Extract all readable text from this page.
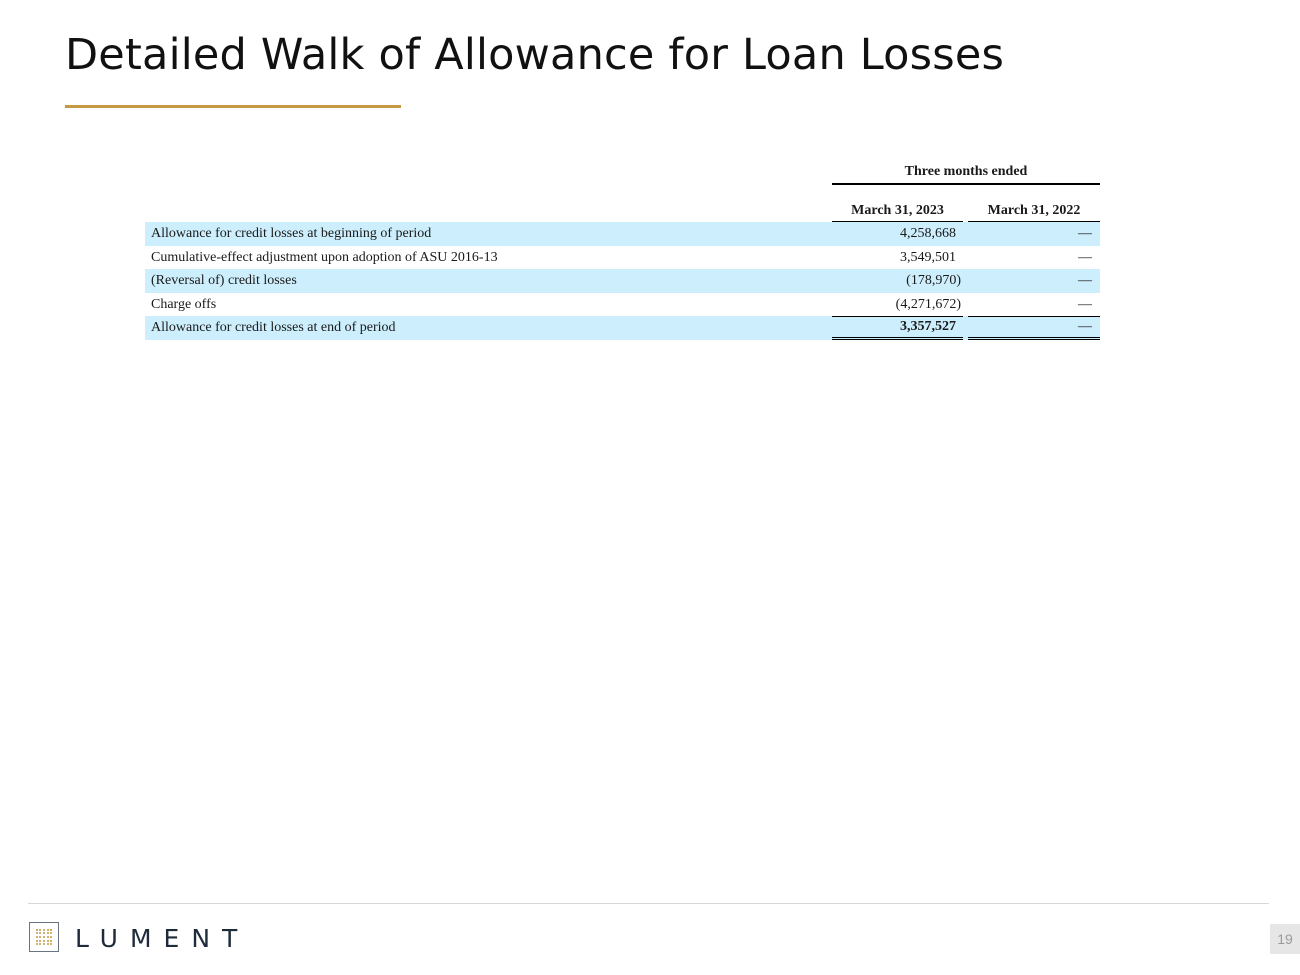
Detailed Walk of Allowance for Loan Losses
Three months ended
March 31, 2023	March 31, 2022
Allowance for credit losses at beginning of period	4,258,668	—
Cumulative-effect adjustment upon adoption of ASU 2016-13	3,549,501	—
(Reversal of) credit losses	(178,970)	—
Charge offs	(4,271,672)	—
Allowance for credit losses at end of period	3,357,527	—
LUMENT	19
